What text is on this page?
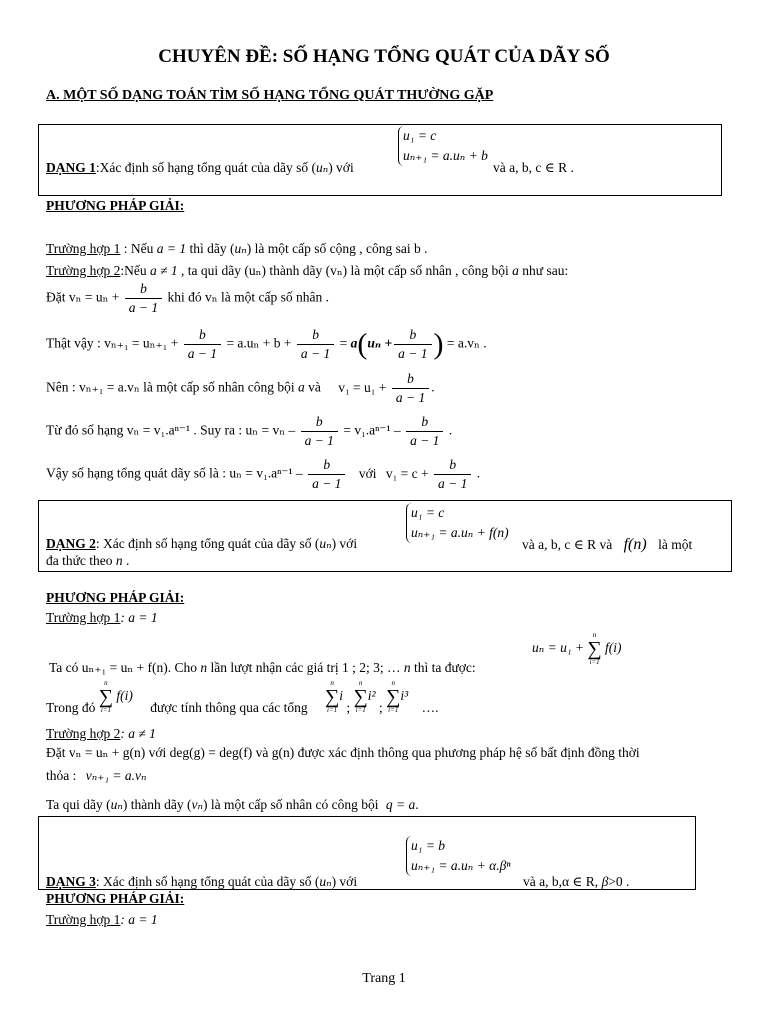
CHUYÊN ĐỀ: SỐ HẠNG TỔNG QUÁT CỦA DÃY SỐ
A. MỘT SỐ DẠNG TOÁN TÌM SỐ HẠNG TỔNG QUÁT THƯỜNG GẶP
u₁ = c
uₙ₊₁ = a.uₙ + b
DẠNG 1:Xác định số hạng tổng quát của dãy số (uₙ) với	và a, b, c ∈ R .
PHƯƠNG PHÁP GIẢI:
Trường hợp 1 : Nếu a = 1 thì dãy (uₙ) là một cấp số cộng , công sai b .
Trường hợp 2:Nếu a ≠ 1 , ta qui dãy (uₙ) thành dãy (vₙ) là một cấp số nhân , công bội a như sau:
Đặt $v_n = u_n + \frac{b}{a - 1}$ khi đó vₙ là một cấp số nhân .
Thật vậy : $v_{n+1} = u_{n+1} + \frac{b}{a - 1} = a.u_n + b + \frac{b}{a - 1} = a(u_n + \frac{b}{a - 1}$ ) = a.vₙ .
Nên : vₙ₊₁ = a.vₙ là một cấp số nhân công bội a và $v_1 = u_1 + \frac{b}{a - 1}$ .
Từ đó số hạng vₙ = v₁.aⁿ⁻¹ . Suy ra : $u_n = v_n - \frac{b}{a - 1} = v_1.a^{n-1} - \frac{b}{a - 1}$ .
Vậy số hạng tổng quát dãy số là : $u_n = v_1.a^{n-1} - \frac{b}{a - 1}$ với $v_1 = c + \frac{b}{a - 1}$ .
u₁ = c
uₙ₊₁ = a.uₙ + f(n)
DẠNG 2: Xác định số hạng tổng quát của dãy số (uₙ) với	và a, b, c ∈ R và f(n) là một
đa thức theo n .
PHƯƠNG PHÁP GIẢI:
Trường hợp 1: a = 1
uₙ = u₁ +
n
∑
i=1
f(i)
Ta có uₙ₊₁ = uₙ + f(n). Cho n lần lượt nhận các giá trị 1 ; 2; 3; … n thì ta được:
Trong đó
n
∑
i=1
f(i) được tính thông qua các tổng
n
∑
i=1
i ;
n
∑
i=1
i² ;
n
∑
i=1
i³ ….
Trường hợp 2: a ≠ 1
Đặt vₙ = uₙ + g(n) với deg(g) = deg(f) và g(n) được xác định thông qua phương pháp hệ số bất định đồng thời
thỏa : vₙ₊₁ = a.vₙ
Ta qui dãy (uₙ) thành dãy (vₙ) là một cấp số nhân có công bội q = a.
u₁ = b
uₙ₊₁ = a.uₙ + α.βⁿ
DẠNG 3: Xác định số hạng tổng quát của dãy số (uₙ) với	và a, b,α ∈ R, β>0 .
PHƯƠNG PHÁP GIẢI:
Trường hợp 1: a = 1
Trang 1
